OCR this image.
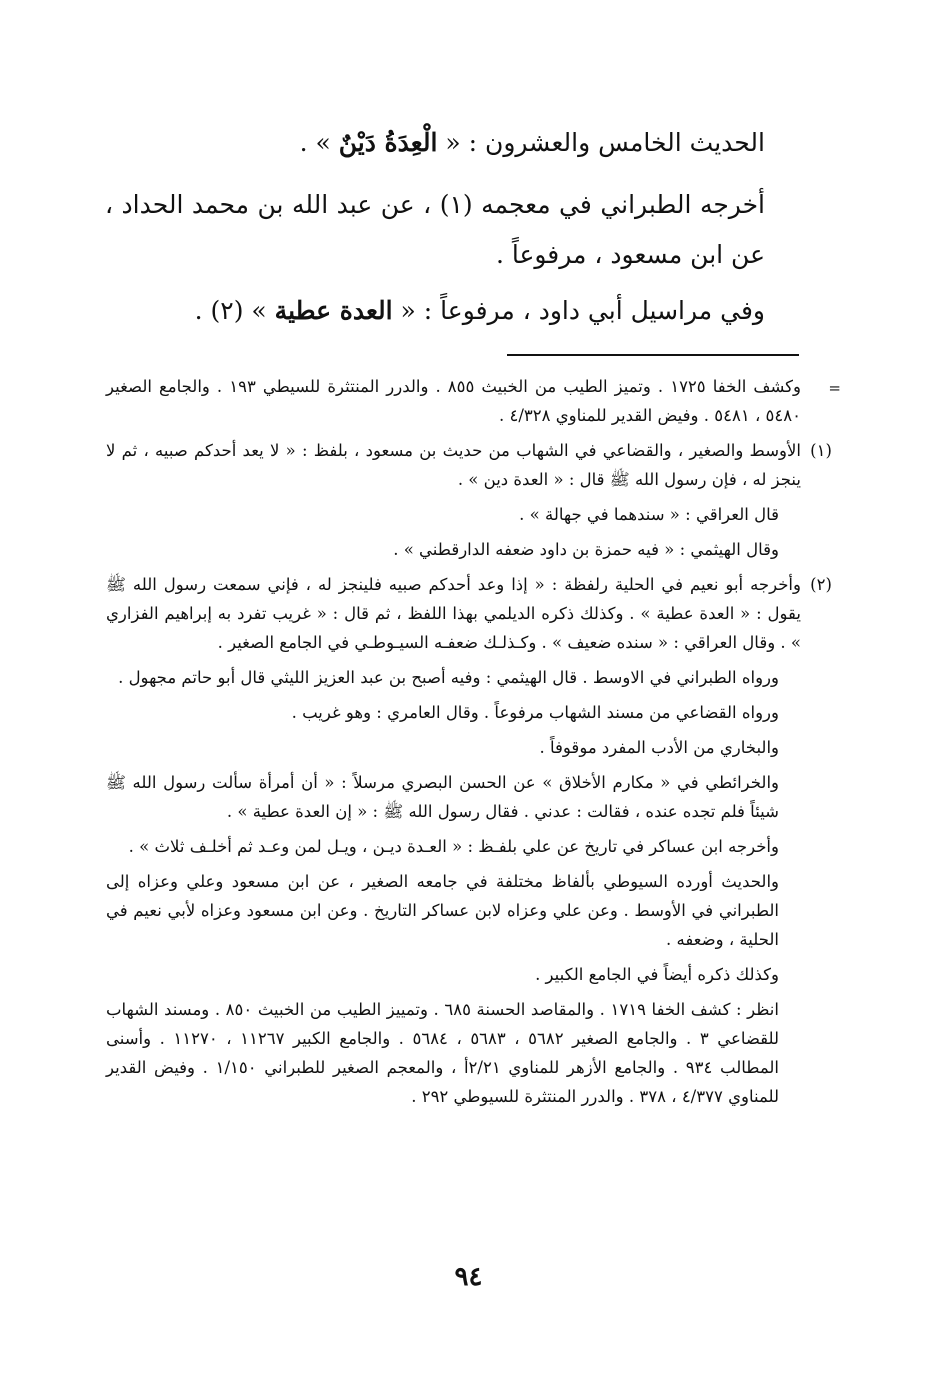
الحديث الخامس والعشرون : « الْعِدَةُ دَيْنٌ » .

أخرجه الطبراني في معجمه (١) ، عن عبد الله بن محمد الحداد ، عن ابن مسعود ، مرفوعاً .

وفي مراسيل أبي داود ، مرفوعاً : « العدة عطية » (٢) .

=
وكشف الخفا ١٧٢٥ . وتميز الطيب من الخبيث ٨٥٥ . والدرر المنتثرة للسيطي ١٩٣ . والجامع الصغير ٥٤٨٠ ، ٥٤٨١ . وفيض القدير للمناوي ٤/٣٢٨ .
(١)
الأوسط والصغير ، والقضاعي في الشهاب من حديث بن مسعود ، بلفظ : « لا يعد أحدكم صبيه ، ثم لا ينجز له ، فإن رسول الله ﷺ قال : « العدة دين » .
قال العراقي : « سندهما في جهالة » .
وقال الهيثمي : « فيه حمزة بن داود ضعفه الدارقطني » .
(٢)
وأخرجه أبو نعيم في الحلية رلفظة : « إذا وعد أحدكم صبيه فلينجز له ، فإني سمعت رسول الله ﷺ يقول : « العدة عطية » . وكذلك ذكره الديلمي بهذا اللفظ ، ثم قال : « غريب تفرد به إبراهيم الفزاري » . وقال العراقي : « سنده ضعيف » . وكـذلـك ضعفـه السيـوطـي في الجامع الصغير .
ورواه الطبراني في الاوسط . قال الهيثمي : وفيه أصبح بن عبد العزيز الليثي قال أبو حاتم مجهول .
ورواه القضاعي من مسند الشهاب مرفوعاً . وقال العامري : وهو غريب .
والبخاري من الأدب المفرد موقوفاً .
والخرائطي في « مكارم الأخلاق » عن الحسن البصري مرسلاً : « أن أمرأة سألت رسول الله ﷺ شيئاً فلم تجده عنده ، فقالت : عدني . فقال رسول الله ﷺ : « إن العدة عطية » .
وأخرجه ابن عساكر في تاريخ عن علي بلفـظ : « العـدة ديـن ، ويـل لمن وعـد ثم أخلـف ثلاث » .
والحديث أورده السيوطي بألفاظ مختلفة في جامعه الصغير ، عن ابن مسعود وعلي وعزاه إلى الطبراني في الأوسط . وعن علي وعزاه لابن عساكر التاريخ . وعن ابن مسعود وعزاه لأبي نعيم في الحلية ، وضعفه .
وكذلك ذكره أيضاً في الجامع الكبير .
انظر : كشف الخفا ١٧١٩ . والمقاصد الحسنة ٦٨٥ . وتمييز الطيب من الخبيث ٨٥٠ . ومسند الشهاب للقضاعي ٣ . والجامع الصغير ٥٦٨٢ ، ٥٦٨٣ ، ٥٦٨٤ . والجامع الكبير ١١٢٦٧ ، ١١٢٧٠ . وأسنى المطالب ٩٣٤ . والجامع الأزهر للمناوي ٢/٢١أ ، والمعجم الصغير للطبراني ١/١٥٠ . وفيض القدير للمناوي ٤/٣٧٧ ، ٣٧٨ . والدرر المنتثرة للسيوطي ٢٩٢ .
٩٤
